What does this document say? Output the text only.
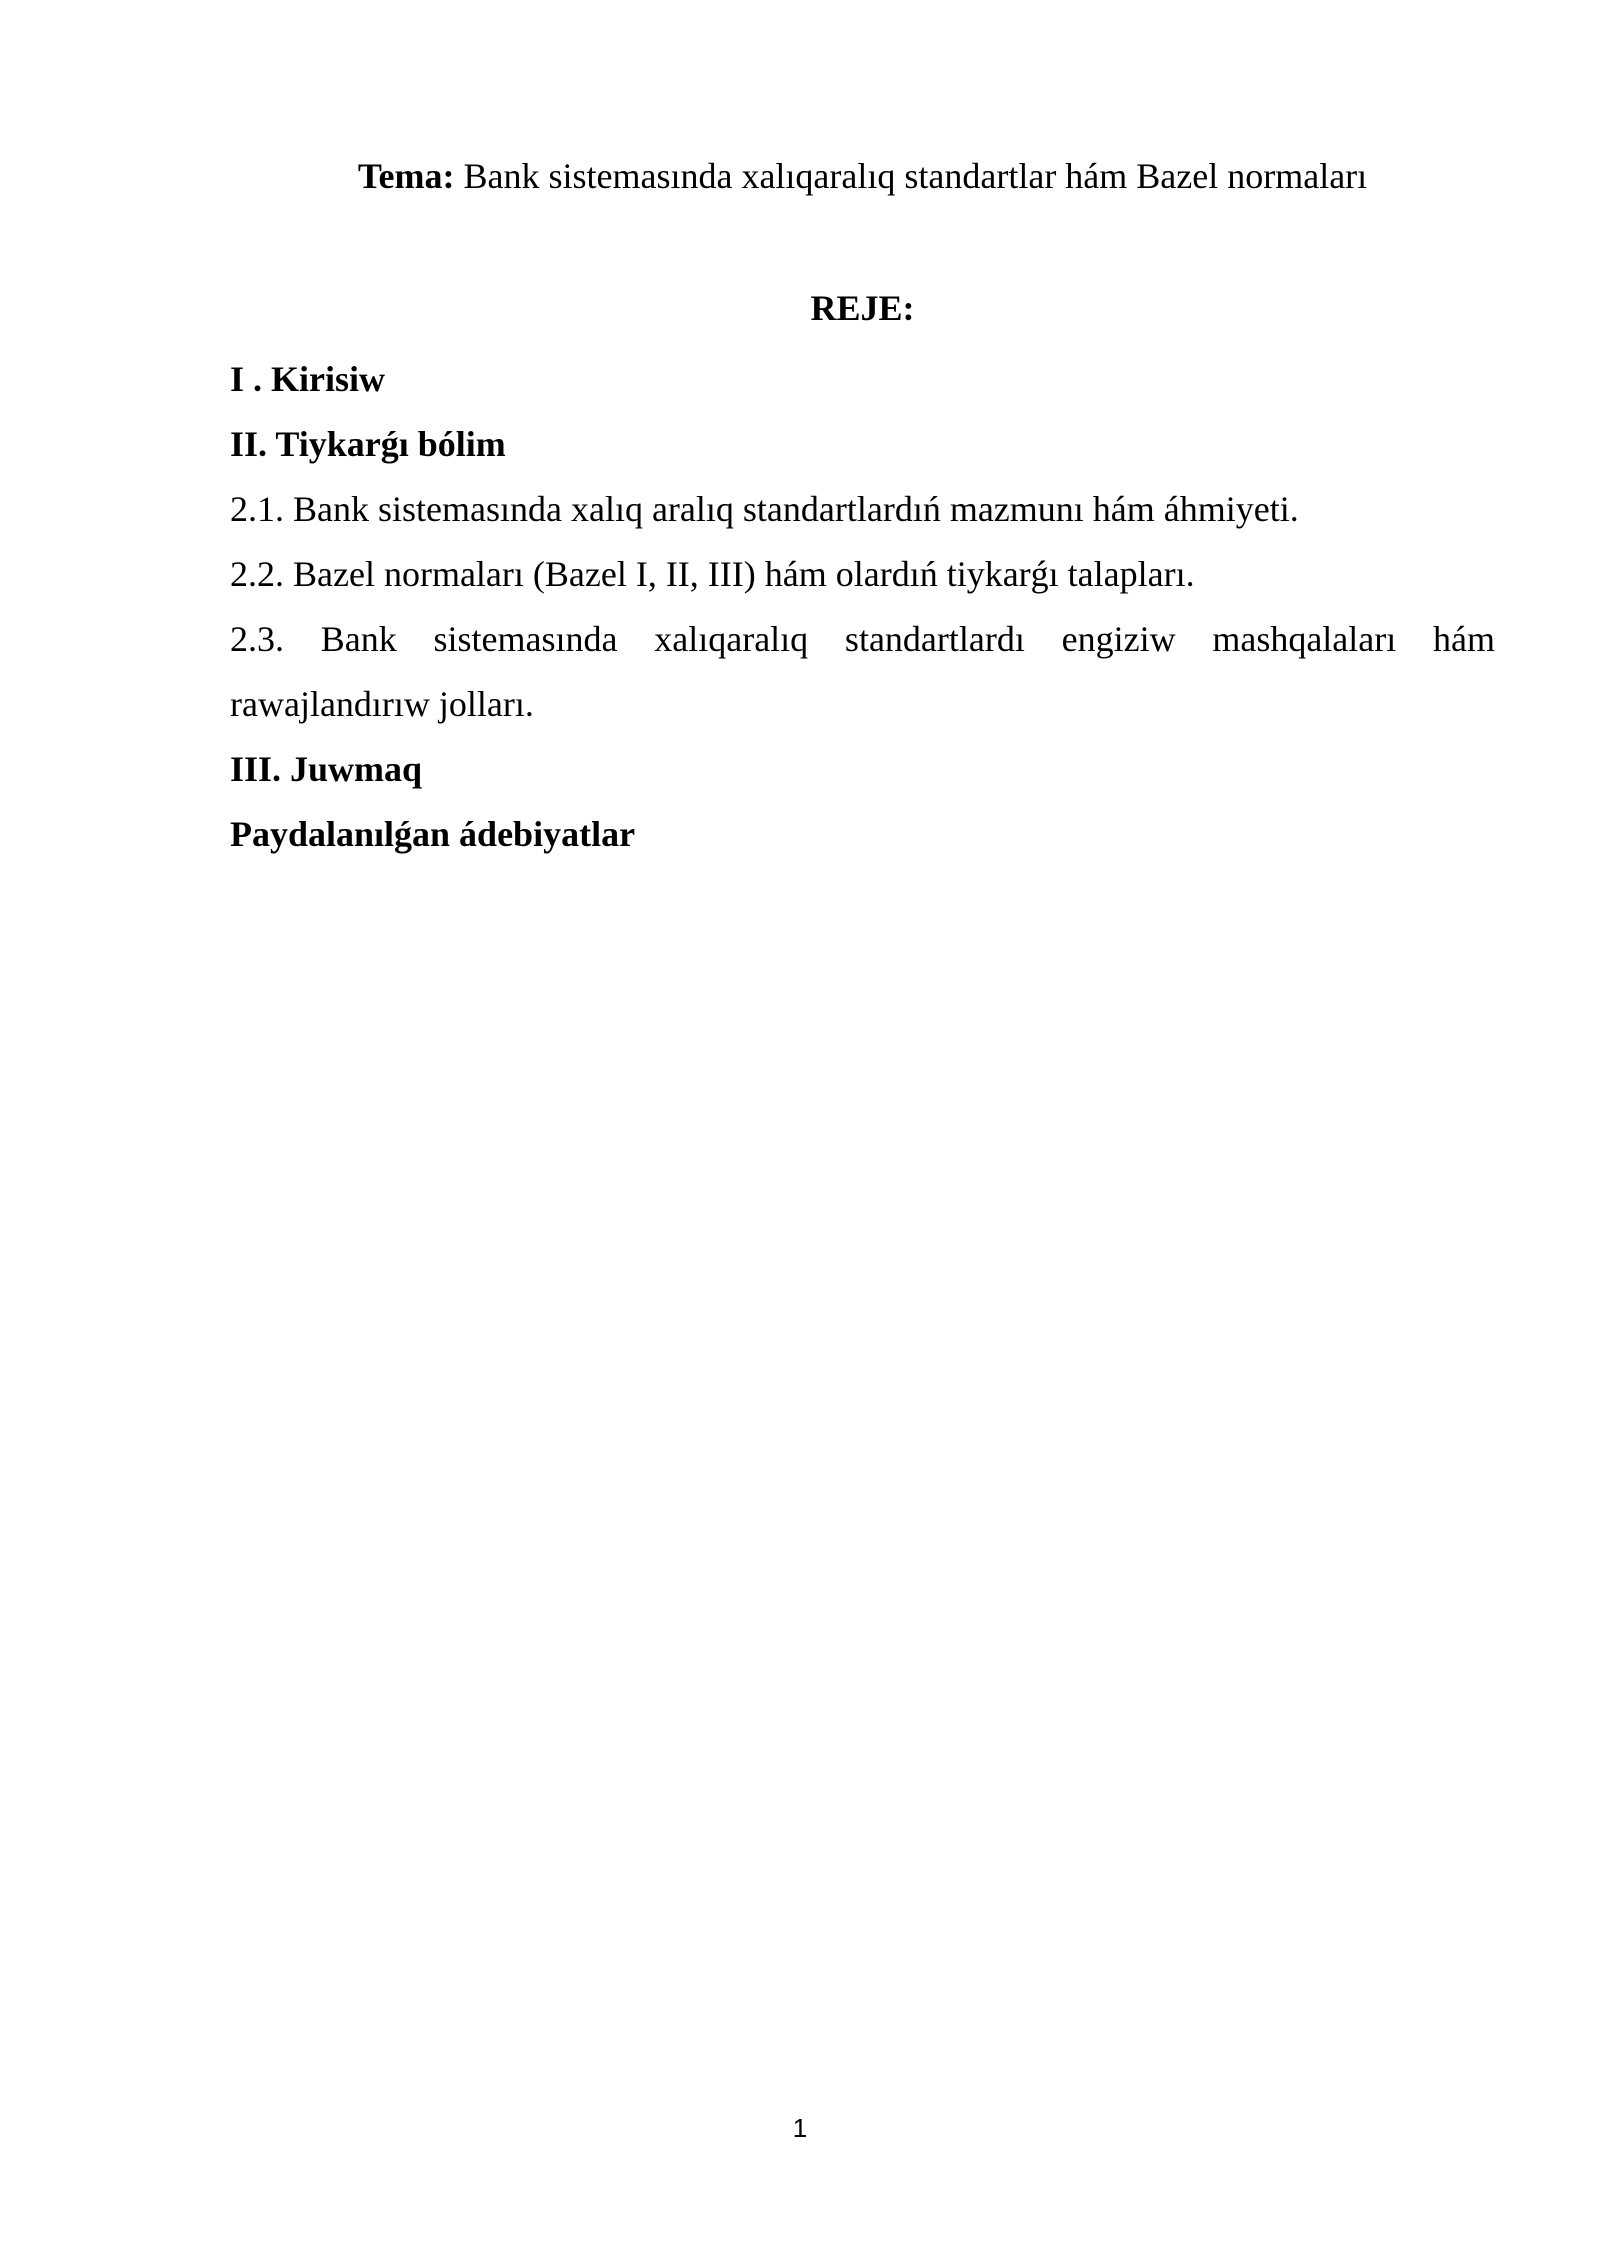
Tema: Bank sistemasında xalıqaralıq standartlar hám Bazel normaları
REJE:

I . Kirisiw

II. Tiykarǵı bólim

2.1. Bank sistemasında xalıq aralıq standartlardıń mazmunı hám áhmiyeti.

2.2. Bazel normaları (Bazel I, II, III) hám olardıń tiykarǵı talapları.

2.3. Bank sistemasında xalıqaralıq standartlardı engiziw mashqalaları hám rawajlandırıw jolları.

III. Juwmaq

Paydalanılǵan ádebiyatlar

1
